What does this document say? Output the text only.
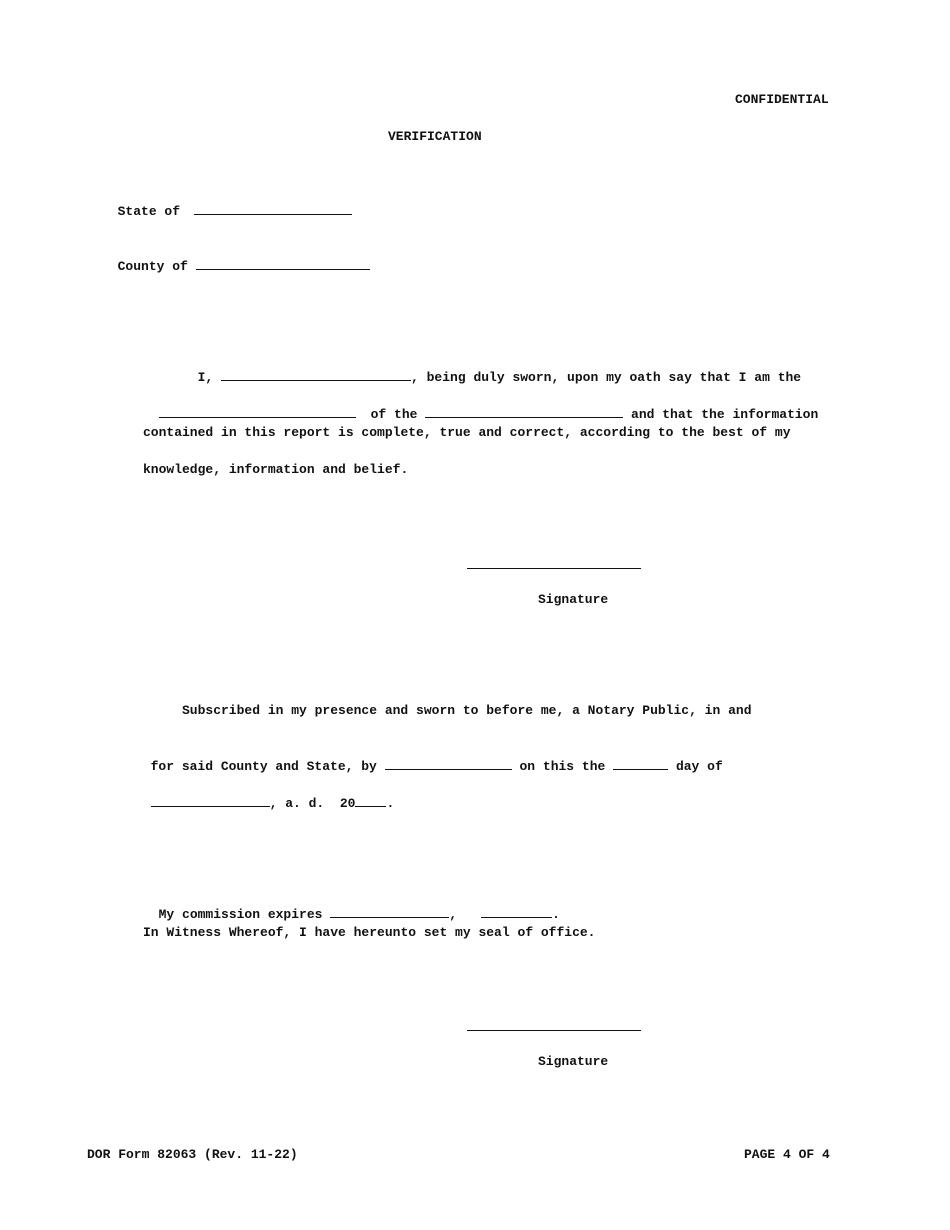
CONFIDENTIAL
VERIFICATION

State of

County of

I,	, being duly sworn, upon my oath say that I am the

of the	and that the information

contained in this report is complete, true and correct, according to the best of my
knowledge, information and belief.
Signature
Subscribed in my presence and sworn to before me, a Notary Public, in and

for said County and State, by	on this the	day of

, a. d.  20 .

My commission expires	,	.

In Witness Whereof, I have hereunto set my seal of office.
Signature
DOR Form 82063 (Rev. 11-22)	PAGE 4 OF 4
